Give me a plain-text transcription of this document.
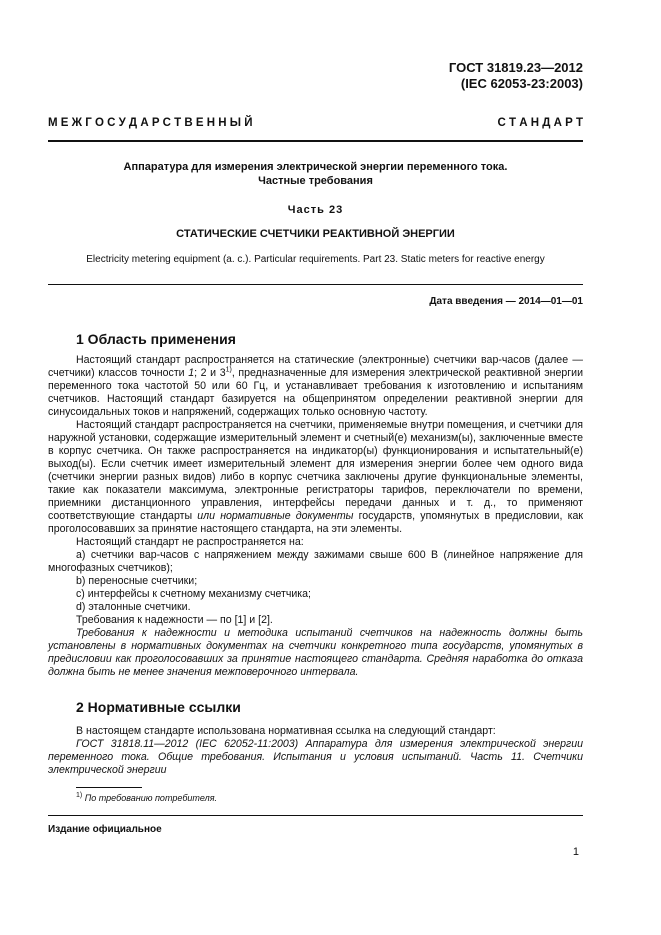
ГОСТ 31819.23—2012
(IEC 62053-23:2003)
М Е Ж Г О С У Д А Р С Т В Е Н Н Ы Й	С Т А Н Д А Р Т
Аппаратура для измерения электрической энергии переменного тока.
Частные требования
Часть 23
СТАТИЧЕСКИЕ СЧЕТЧИКИ РЕАКТИВНОЙ ЭНЕРГИИ
Electricity metering equipment (a. c.). Particular requirements. Part 23. Static meters for reactive energy
Дата введения — 2014—01—01
1 Область применения

Настоящий стандарт распространяется на статические (электронные) счетчики вар-часов (далее — счетчики) классов точности 1; 2 и 3$^{1)}$, предназначенные для измерения электрической реактивной энергии переменного тока частотой 50 или 60 Гц, и устанавливает требования к изготовлению и испытаниям счетчиков. Настоящий стандарт базируется на общепринятом определении реактивной энергии для синусоидальных токов и напряжений, содержащих только основную частоту.

Настоящий стандарт распространяется на счетчики, применяемые внутри помещения, и счетчики для наружной установки, содержащие измерительный элемент и счетный(е) механизм(ы), заключенные вместе в корпус счетчика. Он также распространяется на индикатор(ы) функционирования и испытательный(е) выход(ы). Если счетчик имеет измерительный элемент для измерения энергии более чем одного вида (счетчики энергии разных видов) либо в корпус счетчика заключены другие функциональные элементы, такие как показатели максимума, электронные регистраторы тарифов, переключатели по времени, приемники дистанционного управления, интерфейсы передачи данных и т. д., то применяют соответствующие стандарты или нормативные документы государств, упомянутых в предисловии, как проголосовавших за принятие настоящего стандарта, на эти элементы.

Настоящий стандарт не распространяется на:

a) счетчики вар-часов с напряжением между зажимами свыше 600 В (линейное напряжение для многофазных счетчиков);

b) переносные счетчики;

c) интерфейсы к счетному механизму счетчика;

d) эталонные счетчики.

Требования к надежности — по [1] и [2].

Требования к надежности и методика испытаний счетчиков на надежность должны быть установлены в нормативных документах на счетчики конкретного типа государств, упомянутых в предисловии как проголосовавших за принятие настоящего стандарта. Средняя наработка до отказа должна быть не менее значения межповерочного интервала.

2 Нормативные ссылки

В настоящем стандарте использована нормативная ссылка на следующий стандарт:

ГОСТ 31818.11—2012 (IEC 62052-11:2003) Аппаратура для измерения электрической энергии переменного тока. Общие требования. Испытания и условия испытаний. Часть 11. Счетчики электрической энергии

$^{1)}$ По требованию потребителя.
Издание официальное
1
